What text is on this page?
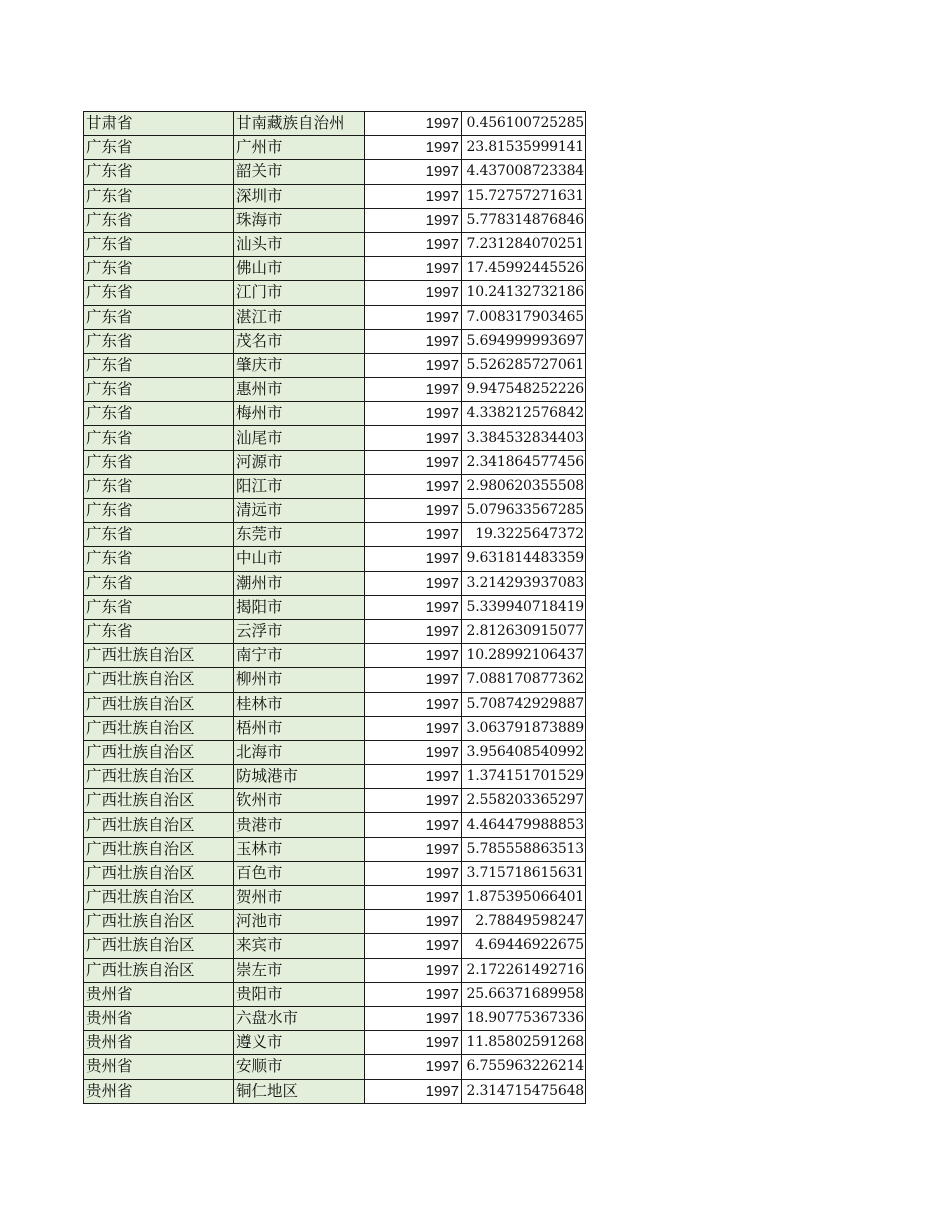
甘肃省	甘南藏族自治州	1997	0.456100725285
广东省	广州市	1997	23.81535999141
广东省	韶关市	1997	4.437008723384
广东省	深圳市	1997	15.72757271631
广东省	珠海市	1997	5.778314876846
广东省	汕头市	1997	7.231284070251
广东省	佛山市	1997	17.45992445526
广东省	江门市	1997	10.24132732186
广东省	湛江市	1997	7.008317903465
广东省	茂名市	1997	5.694999993697
广东省	肇庆市	1997	5.526285727061
广东省	惠州市	1997	9.947548252226
广东省	梅州市	1997	4.338212576842
广东省	汕尾市	1997	3.384532834403
广东省	河源市	1997	2.341864577456
广东省	阳江市	1997	2.980620355508
广东省	清远市	1997	5.079633567285
广东省	东莞市	1997	19.3225647372
广东省	中山市	1997	9.631814483359
广东省	潮州市	1997	3.214293937083
广东省	揭阳市	1997	5.339940718419
广东省	云浮市	1997	2.812630915077
广西壮族自治区	南宁市	1997	10.28992106437
广西壮族自治区	柳州市	1997	7.088170877362
广西壮族自治区	桂林市	1997	5.708742929887
广西壮族自治区	梧州市	1997	3.063791873889
广西壮族自治区	北海市	1997	3.956408540992
广西壮族自治区	防城港市	1997	1.374151701529
广西壮族自治区	钦州市	1997	2.558203365297
广西壮族自治区	贵港市	1997	4.464479988853
广西壮族自治区	玉林市	1997	5.785558863513
广西壮族自治区	百色市	1997	3.715718615631
广西壮族自治区	贺州市	1997	1.875395066401
广西壮族自治区	河池市	1997	2.78849598247
广西壮族自治区	来宾市	1997	4.69446922675
广西壮族自治区	崇左市	1997	2.172261492716
贵州省	贵阳市	1997	25.66371689958
贵州省	六盘水市	1997	18.90775367336
贵州省	遵义市	1997	11.85802591268
贵州省	安顺市	1997	6.755963226214
贵州省	铜仁地区	1997	2.314715475648
